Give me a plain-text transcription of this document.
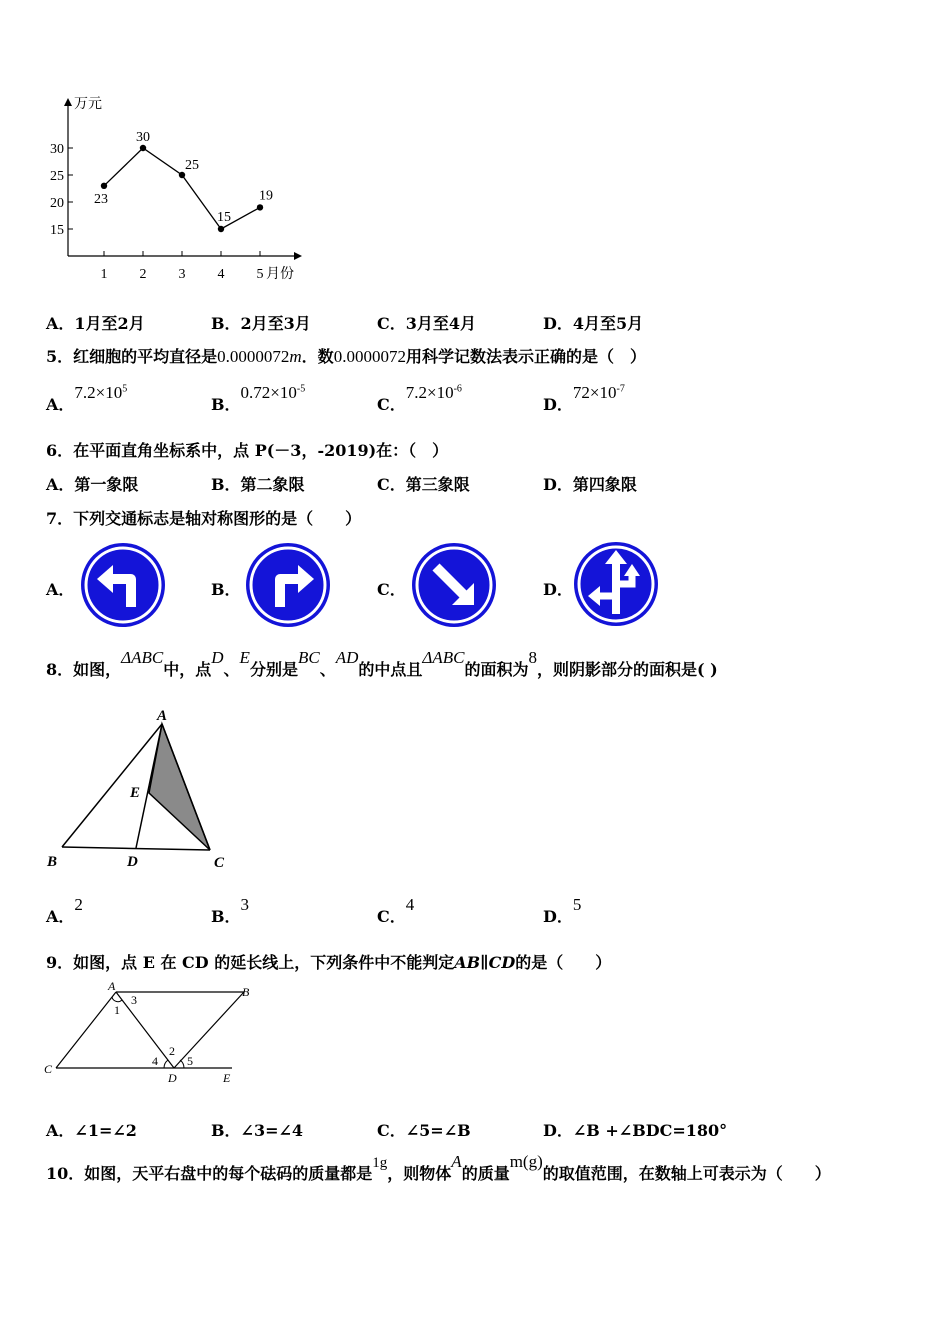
万元
月份
15
20
25
30
1 2 3 4 5
23
30
25
15
19
A．1月至2月	B．2月至3月	C．3月至4月	D．4月至5月
5．红细胞的平均直径是0.0000072m．数0.0000072用科学记数法表示正确的是（　）
A．$7.2\times 10^5$
B．$0.72\times 10^{-5}$
C．$7.2\times 10^{-6}$
D．$72\times 10^{-7}$
6．在平面直角坐标系中，点 P(－3，-2019)在：（　）
A．第一象限	B．第二象限	C．第三象限	D．第四象限
7．下列交通标志是轴对称图形的是（　　）
A．	B．	C．	D．
8．如图，ΔABC中，点D、E分别是BC、AD的中点且ΔABC的面积为8，则阴影部分的面积是( )
A
B	C
D
E
A．2
B．3
C．4
D．5
9．如图，点 E 在 CD 的延长线上，下列条件中不能判定AB∥CD的是（　　）
A	B
C
D	E
1
2
3
4 5
A．∠1=∠2	B．∠3=∠4	C．∠5=∠B	D．∠B +∠BDC=180°
10．如图，天平右盘中的每个砝码的质量都是1g，则物体A的质量m(g)的取值范围，在数轴上可表示为（　　）
